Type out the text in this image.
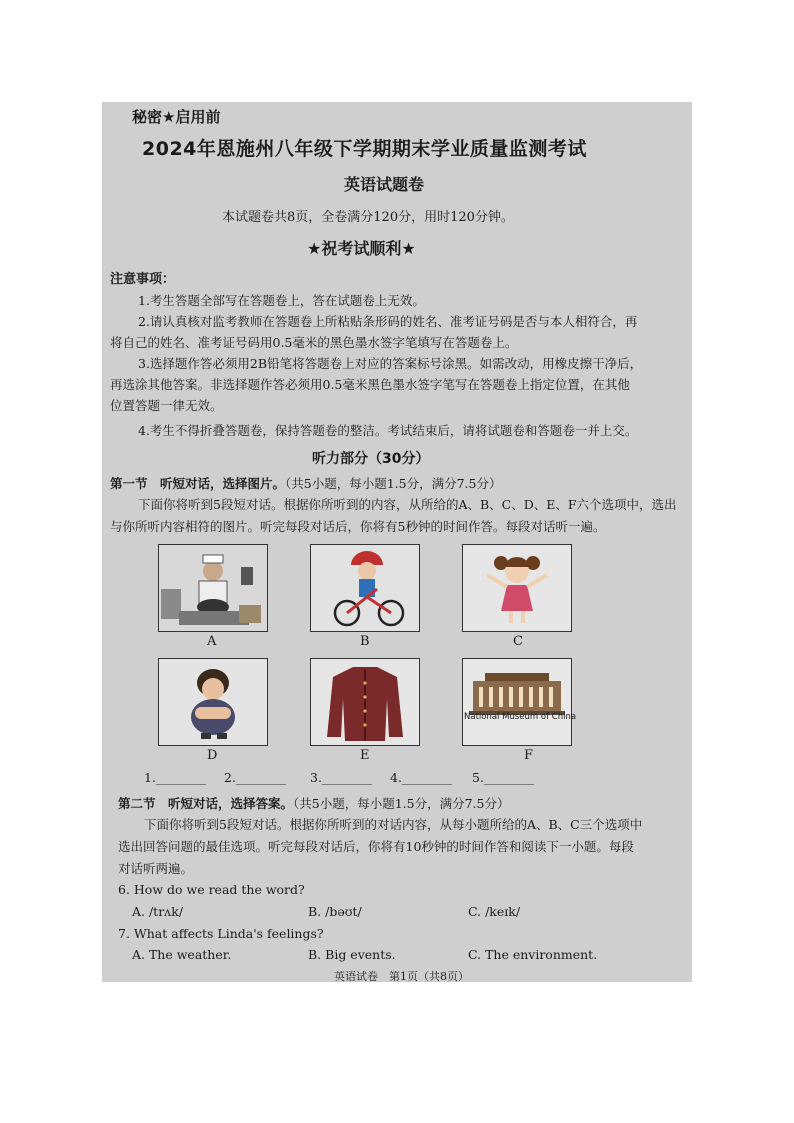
秘密★启用前
2024年恩施州八年级下学期期末学业质量监测考试
英语试题卷
本试题卷共8页，全卷满分120分，用时120分钟。
★祝考试顺利★
注意事项：
1.考生答题全部写在答题卷上，答在试题卷上无效。
2.请认真核对监考教师在答题卷上所粘贴条形码的姓名、准考证号码是否与本人相符合，再
将自己的姓名、准考证号码用0.5毫米的黑色墨水签字笔填写在答题卷上。
3.选择题作答必须用2B铅笔将答题卷上对应的答案标号涂黑。如需改动，用橡皮擦干净后，
再选涂其他答案。非选择题作答必须用0.5毫米黑色墨水签字笔写在答题卷上指定位置，在其他
位置答题一律无效。
4.考生不得折叠答题卷，保持答题卷的整洁。考试结束后，请将试题卷和答题卷一并上交。
听力部分（30分）
第一节　听短对话，选择图片。（共5小题，每小题1.5分，满分7.5分）
下面你将听到5段短对话。根据你所听到的内容，从所给的A、B、C、D、E、F六个选项中，选出
与你所听内容相符的图片。听完每段对话后，你将有5秒钟的时间作答。每段对话听一遍。
A	B	C
National Museum of China
D	E	F
1.________ 2.________ 3.________ 4.________ 5.________
第二节　听短对话，选择答案。（共5小题，每小题1.5分，满分7.5分）
下面你将听到5段短对话。根据你所听到的对话内容，从每小题所给的A、B、C三个选项中
选出回答问题的最佳选项。听完每段对话后，你将有10秒钟的时间作答和阅读下一小题。每段
对话听两遍。
6. How do we read the word?
A. /trʌk/	B. /bəʊt/	C. /keɪk/
7. What affects Linda's feelings?
A. The weather.	B. Big events.	C. The environment.
英语试卷　第1页（共8页）
